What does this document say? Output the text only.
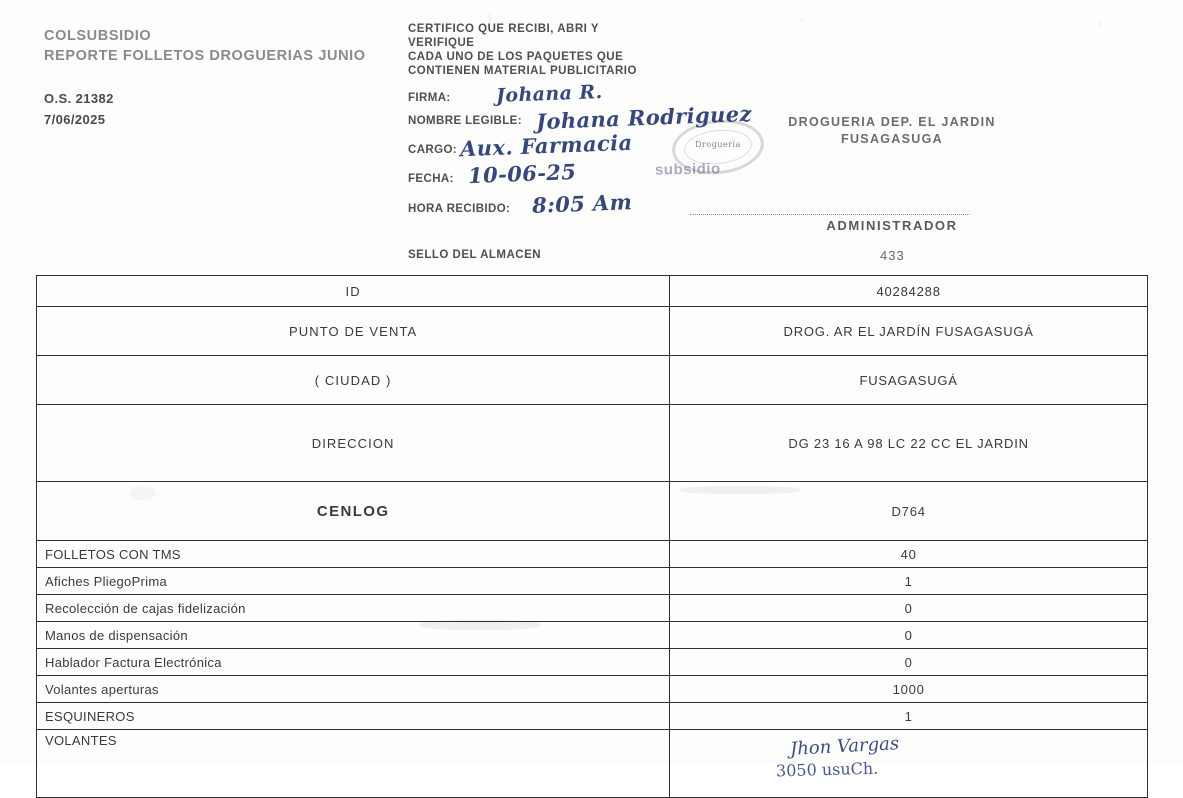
COLSUBSIDIO
REPORTE FOLLETOS DROGUERIAS JUNIO
O.S. 21382
7/06/2025
CERTIFICO QUE RECIBI, ABRI Y
VERIFIQUE
CADA UNO DE LOS PAQUETES QUE
CONTIENEN MATERIAL PUBLICITARIO
FIRMA: Johana R.
NOMBRE LEGIBLE: Johana Rodriguez
CARGO: Aux. Farmacia
FECHA: 10-06-25
HORA RECIBIDO: 8:05 Am
SELLO DEL ALMACEN	433
Droguería
subsidio
DROGUERIA DEP. EL JARDIN
FUSAGASUGA
ADMINISTRADOR
ID	40284288
PUNTO DE VENTA	DROG. AR EL JARDÍN FUSAGASUGÁ
( CIUDAD )	FUSAGASUGÁ
DIRECCION	DG 23 16 A 98 LC 22 CC EL JARDIN
CENLOG	D764
FOLLETOS CON TMS	40
Afiches PliegoPrima	1
Recolección de cajas fidelización	0
Manos de dispensación	0
Hablador Factura Electrónica	0
Volantes aperturas	1000
ESQUINEROS	1
VOLANTES	Jhon Vargas
3050 usuCh.
